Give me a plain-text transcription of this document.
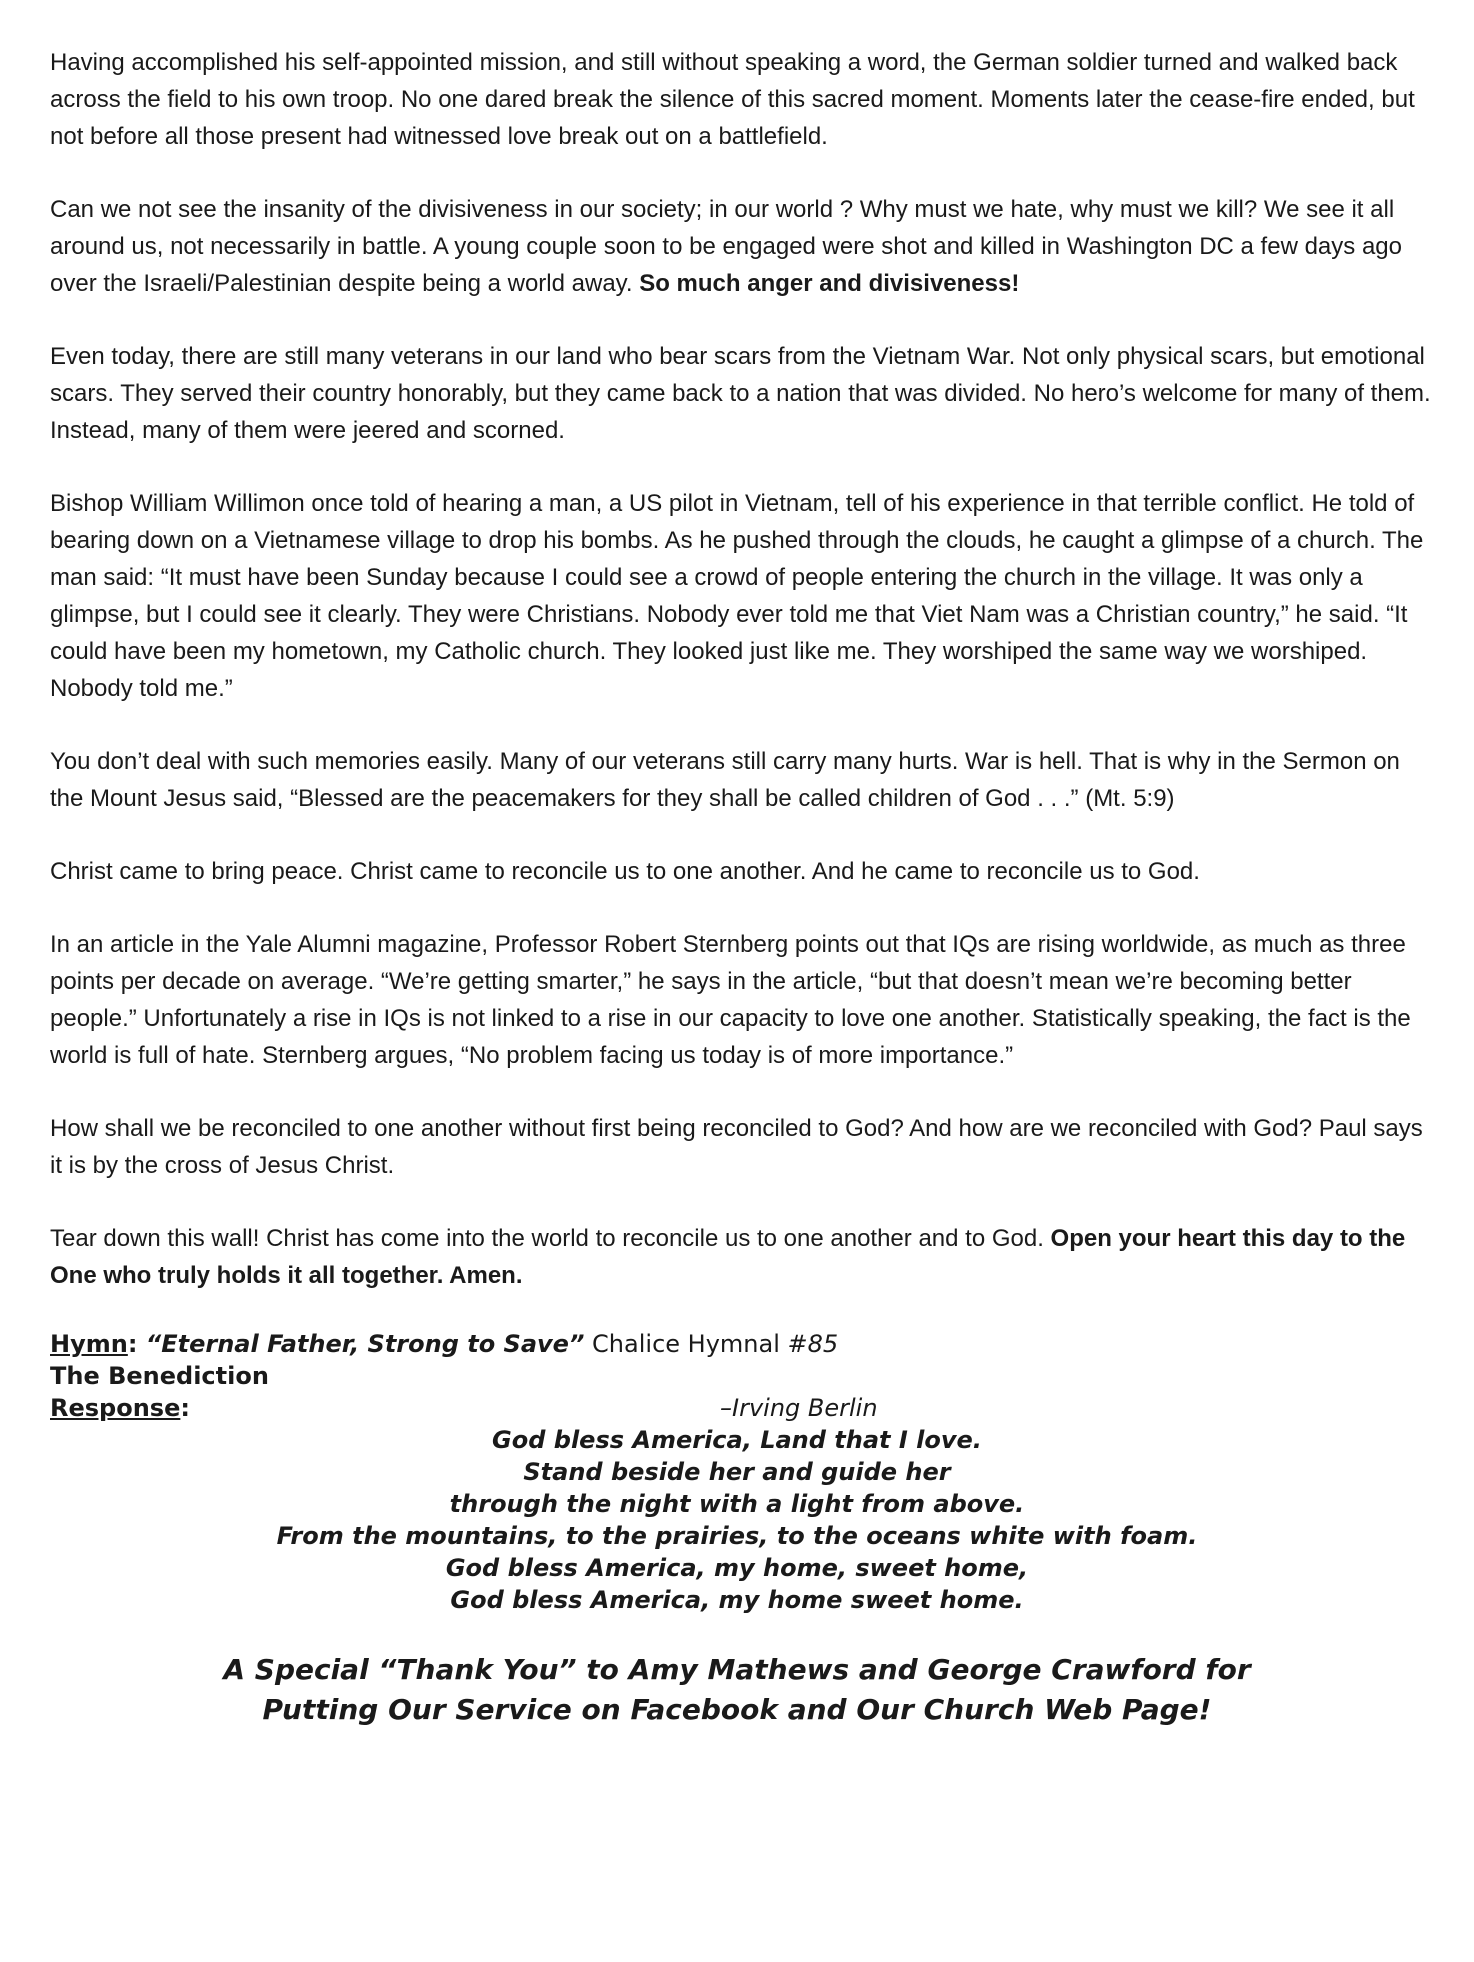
Having accomplished his self-appointed mission, and still without speaking a word, the German soldier turned and walked back across the field to his own troop. No one dared break the silence of this sacred moment. Moments later the cease-fire ended, but not before all those present had witnessed love break out on a battlefield.

Can we not see the insanity of the divisiveness in our society; in our world ? Why must we hate, why must we kill? We see it all around us, not necessarily in battle. A young couple soon to be engaged were shot and killed in Washington DC a few days ago over the Israeli/Palestinian despite being a world away. So much anger and divisiveness!

Even today, there are still many veterans in our land who bear scars from the Vietnam War. Not only physical scars, but emotional scars. They served their country honorably, but they came back to a nation that was divided. No hero’s welcome for many of them. Instead, many of them were jeered and scorned.

Bishop William Willimon once told of hearing a man, a US pilot in Vietnam, tell of his experience in that terrible conflict. He told of bearing down on a Vietnamese village to drop his bombs. As he pushed through the clouds, he caught a glimpse of a church. The man said: “It must have been Sunday because I could see a crowd of people entering the church in the village. It was only a glimpse, but I could see it clearly. They were Christians. Nobody ever told me that Viet Nam was a Christian country,” he said. “It could have been my hometown, my Catholic church. They looked just like me. They worshiped the same way we worshiped. Nobody told me.”

You don’t deal with such memories easily. Many of our veterans still carry many hurts. War is hell. That is why in the Sermon on the Mount Jesus said, “Blessed are the peacemakers for they shall be called children of God . . .” (Mt. 5:9)

Christ came to bring peace. Christ came to reconcile us to one another. And he came to reconcile us to God.

In an article in the Yale Alumni magazine, Professor Robert Sternberg points out that IQs are rising worldwide, as much as three points per decade on average. “We’re getting smarter,” he says in the article, “but that doesn’t mean we’re becoming better people.” Unfortunately a rise in IQs is not linked to a rise in our capacity to love one another. Statistically speaking, the fact is the world is full of hate. Sternberg argues, “No problem facing us today is of more importance.”

How shall we be reconciled to one another without first being reconciled to God? And how are we reconciled with God? Paul says it is by the cross of Jesus Christ.

Tear down this wall! Christ has come into the world to reconcile us to one another and to God. Open your heart this day to the One who truly holds it all together. Amen.

Hymn: “Eternal Father, Strong to Save” Chalice Hymnal #85
The Benediction
Response:	–Irving Berlin
God bless America, Land that I love.
Stand beside her and guide her
through the night with a light from above.
From the mountains, to the prairies, to the oceans white with foam.
God bless America, my home, sweet home,
God bless America, my home sweet home.
A Special “Thank You” to Amy Mathews and George Crawford for
Putting Our Service on Facebook and Our Church Web Page!
